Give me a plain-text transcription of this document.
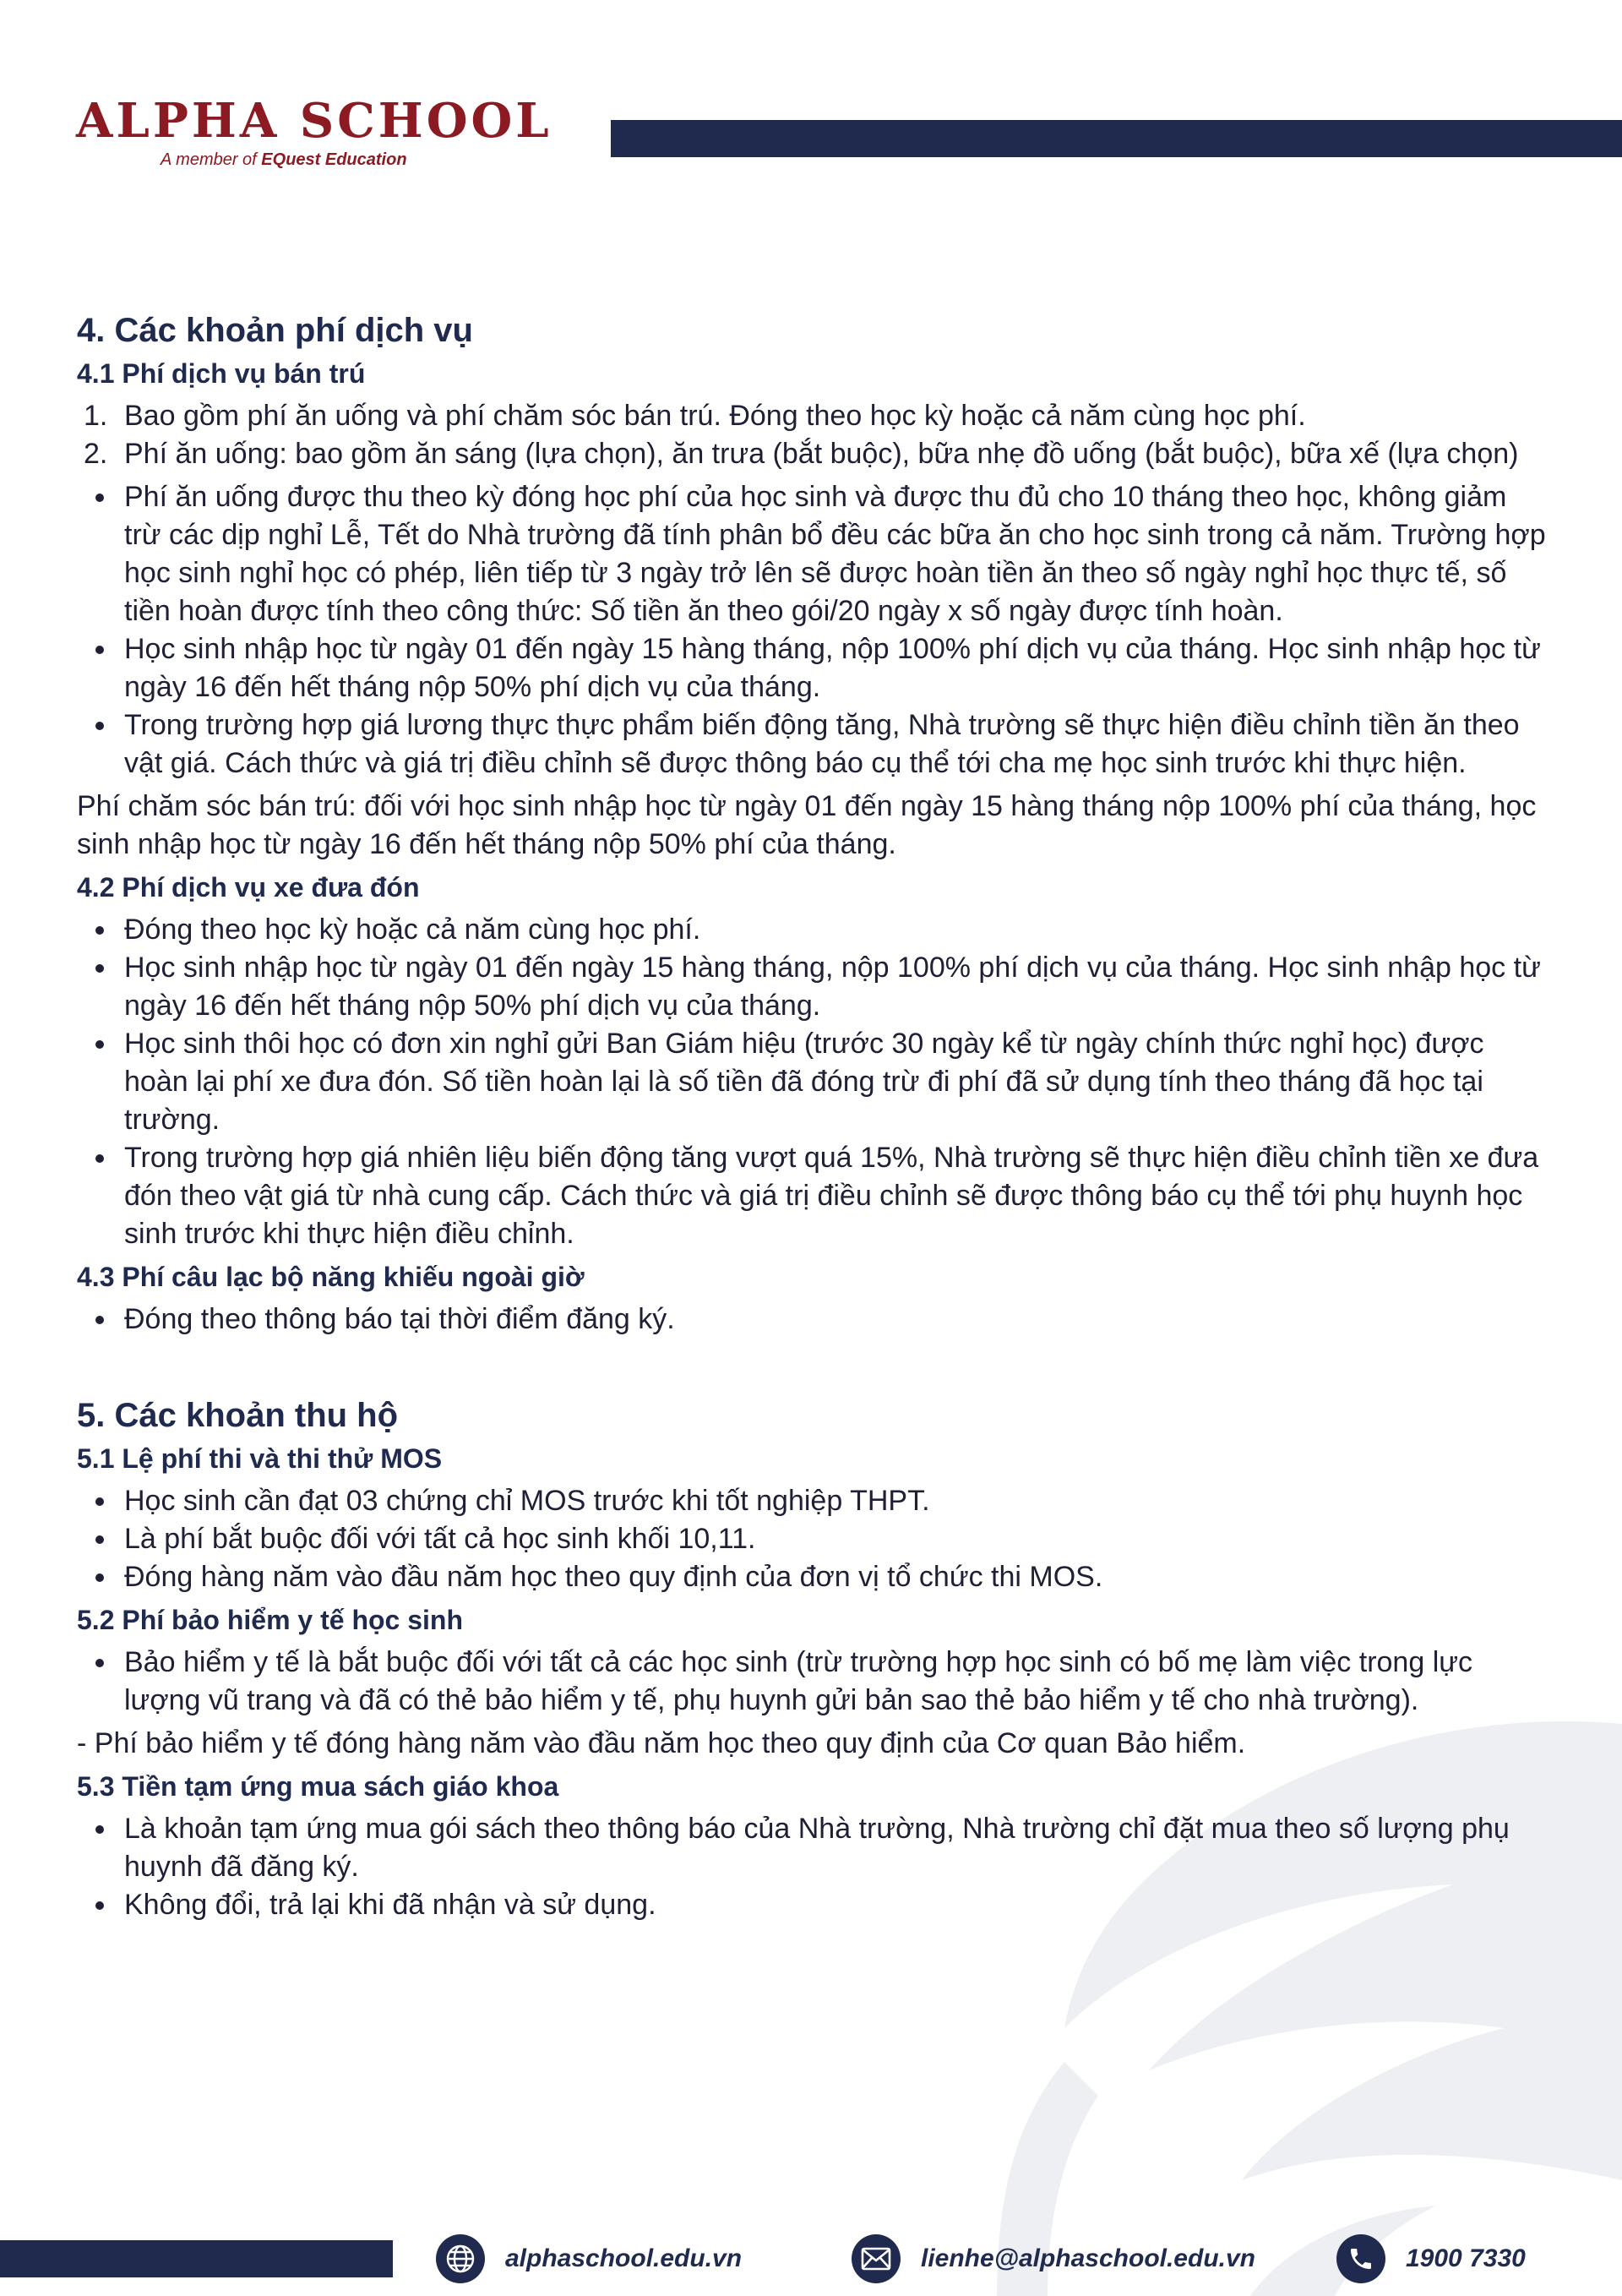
ALPHA SCHOOL
A member of EQuest Education
4. Các khoản phí dịch vụ
4.1 Phí dịch vụ bán trú
1. Bao gồm phí ăn uống và phí chăm sóc bán trú. Đóng theo học kỳ hoặc cả năm cùng học phí.
2. Phí ăn uống: bao gồm ăn sáng (lựa chọn), ăn trưa (bắt buộc), bữa nhẹ đồ uống (bắt buộc), bữa xế (lựa chọn)
Phí ăn uống được thu theo kỳ đóng học phí của học sinh và được thu đủ cho 10 tháng theo học, không giảm trừ các dịp nghỉ Lễ, Tết do Nhà trường đã tính phân bổ đều các bữa ăn cho học sinh trong cả năm. Trường hợp học sinh nghỉ học có phép, liên tiếp từ 3 ngày trở lên sẽ được hoàn tiền ăn theo số ngày nghỉ học thực tế, số tiền hoàn được tính theo công thức: Số tiền ăn theo gói/20 ngày x số ngày được tính hoàn.
Học sinh nhập học từ ngày 01 đến ngày 15 hàng tháng, nộp 100% phí dịch vụ của tháng. Học sinh nhập học từ ngày 16 đến hết tháng nộp 50% phí dịch vụ của tháng.
Trong trường hợp giá lương thực thực phẩm biến động tăng, Nhà trường sẽ thực hiện điều chỉnh tiền ăn theo vật giá. Cách thức và giá trị điều chỉnh sẽ được thông báo cụ thể tới cha mẹ học sinh trước khi thực hiện.

Phí chăm sóc bán trú: đối với học sinh nhập học từ ngày 01 đến ngày 15 hàng tháng nộp 100% phí của tháng, học sinh nhập học từ ngày 16 đến hết tháng nộp 50% phí của tháng.

4.2 Phí dịch vụ xe đưa đón
Đóng theo học kỳ hoặc cả năm cùng học phí.
Học sinh nhập học từ ngày 01 đến ngày 15 hàng tháng, nộp 100% phí dịch vụ của tháng. Học sinh nhập học từ ngày 16 đến hết tháng nộp 50% phí dịch vụ của tháng.
Học sinh thôi học có đơn xin nghỉ gửi Ban Giám hiệu (trước 30 ngày kể từ ngày chính thức nghỉ học) được hoàn lại phí xe đưa đón. Số tiền hoàn lại là số tiền đã đóng trừ đi phí đã sử dụng tính theo tháng đã học tại trường.
Trong trường hợp giá nhiên liệu biến động tăng vượt quá 15%, Nhà trường sẽ thực hiện điều chỉnh tiền xe đưa đón theo vật giá từ nhà cung cấp. Cách thức và giá trị điều chỉnh sẽ được thông báo cụ thể tới phụ huynh học sinh trước khi thực hiện điều chỉnh.
4.3 Phí câu lạc bộ năng khiếu ngoài giờ
Đóng theo thông báo tại thời điểm đăng ký.
5. Các khoản thu hộ
5.1 Lệ phí thi và thi thử MOS
Học sinh cần đạt 03 chứng chỉ MOS trước khi tốt nghiệp THPT.
Là phí bắt buộc đối với tất cả học sinh khối 10,11.
Đóng hàng năm vào đầu năm học theo quy định của đơn vị tổ chức thi MOS.
5.2 Phí bảo hiểm y tế học sinh
Bảo hiểm y tế là bắt buộc đối với tất cả các học sinh (trừ trường hợp học sinh có bố mẹ làm việc trong lực lượng vũ trang và đã có thẻ bảo hiểm y tế, phụ huynh gửi bản sao thẻ bảo hiểm y tế cho nhà trường).

- Phí bảo hiểm y tế đóng hàng năm vào đầu năm học theo quy định của Cơ quan Bảo hiểm.

5.3 Tiền tạm ứng mua sách giáo khoa
Là khoản tạm ứng mua gói sách theo thông báo của Nhà trường, Nhà trường chỉ đặt mua theo số lượng phụ huynh đã đăng ký.
Không đổi, trả lại khi đã nhận và sử dụng.
alphaschool.edu.vn	lienhe@alphaschool.edu.vn	1900 7330
